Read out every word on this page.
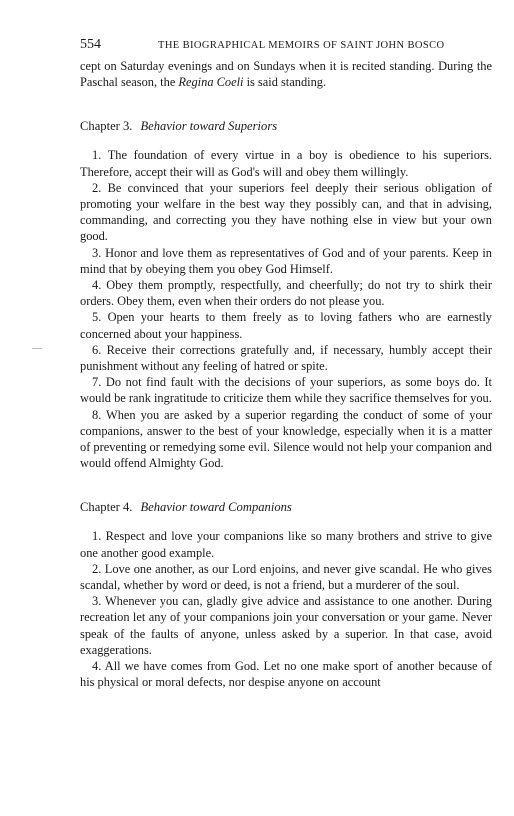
554	THE BIOGRAPHICAL MEMOIRS OF SAINT JOHN BOSCO

cept on Saturday evenings and on Sundays when it is recited standing. During the Paschal season, the Regina Coeli is said standing.

Chapter 3. Behavior toward Superiors

1. The foundation of every virtue in a boy is obedience to his superiors. Therefore, accept their will as God's will and obey them willingly.

2. Be convinced that your superiors feel deeply their serious obligation of promoting your welfare in the best way they possibly can, and that in advising, commanding, and correcting you they have nothing else in view but your own good.

3. Honor and love them as representatives of God and of your parents. Keep in mind that by obeying them you obey God Himself.

4. Obey them promptly, respectfully, and cheerfully; do not try to shirk their orders. Obey them, even when their orders do not please you.

5. Open your hearts to them freely as to loving fathers who are earnestly concerned about your happiness.

6. Receive their corrections gratefully and, if necessary, humbly accept their punishment without any feeling of hatred or spite.

7. Do not find fault with the decisions of your superiors, as some boys do. It would be rank ingratitude to criticize them while they sacrifice themselves for you.

8. When you are asked by a superior regarding the conduct of some of your companions, answer to the best of your knowledge, especially when it is a matter of preventing or remedying some evil. Silence would not help your companion and would offend Almighty God.

Chapter 4. Behavior toward Companions

1. Respect and love your companions like so many brothers and strive to give one another good example.

2. Love one another, as our Lord enjoins, and never give scandal. He who gives scandal, whether by word or deed, is not a friend, but a murderer of the soul.

3. Whenever you can, gladly give advice and assistance to one another. During recreation let any of your companions join your conversation or your game. Never speak of the faults of anyone, unless asked by a superior. In that case, avoid exaggerations.

4. All we have comes from God. Let no one make sport of another because of his physical or moral defects, nor despise anyone on account
